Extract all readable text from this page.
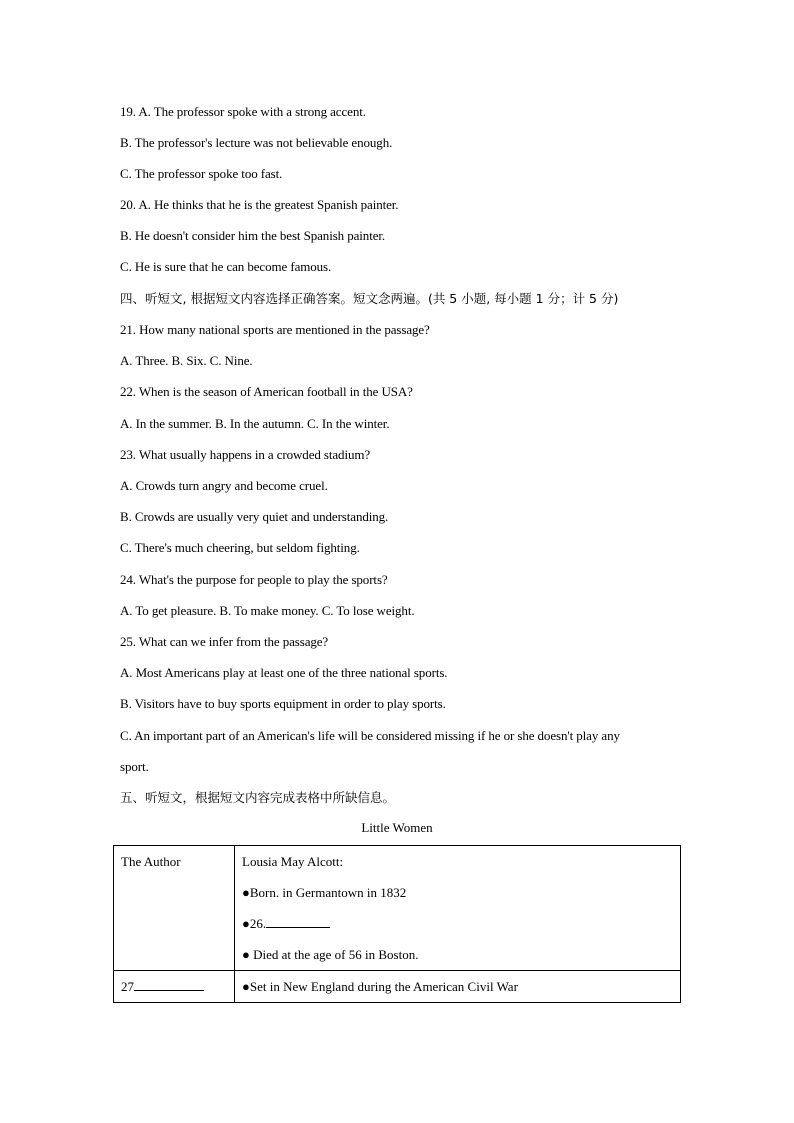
19. A. The professor spoke with a strong accent.
B. The professor's lecture was not believable enough.
C. The professor spoke too fast.
20. A. He thinks that he is the greatest Spanish painter.
B. He doesn't consider him the best Spanish painter.
C. He is sure that he can become famous.
四、听短文, 根据短文内容选择正确答案。短文念两遍。(共 5 小题, 每小题 1 分；计 5 分)
21. How many national sports are mentioned in the passage?
A. Three. B. Six. C. Nine.
22. When is the season of American football in the USA?
A. In the summer. B. In the autumn. C. In the winter.
23. What usually happens in a crowded stadium?
A. Crowds turn angry and become cruel.
B. Crowds are usually very quiet and understanding.
C. There's much cheering, but seldom fighting.
24. What's the purpose for people to play the sports?
A. To get pleasure. B. To make money. C. To lose weight.
25. What can we infer from the passage?
A. Most Americans play at least one of the three national sports.
B. Visitors have to buy sports equipment in order to play sports.
C. An important part of an American's life will be considered missing if he or she doesn't play any
sport.
五、听短文，根据短文内容完成表格中所缺信息。
Little Women
The Author	Lousia May Alcott:
●Born. in Germantown in 1832
●26.
● Died at the age of 56 in Boston.

27	●Set in New England during the American Civil War
